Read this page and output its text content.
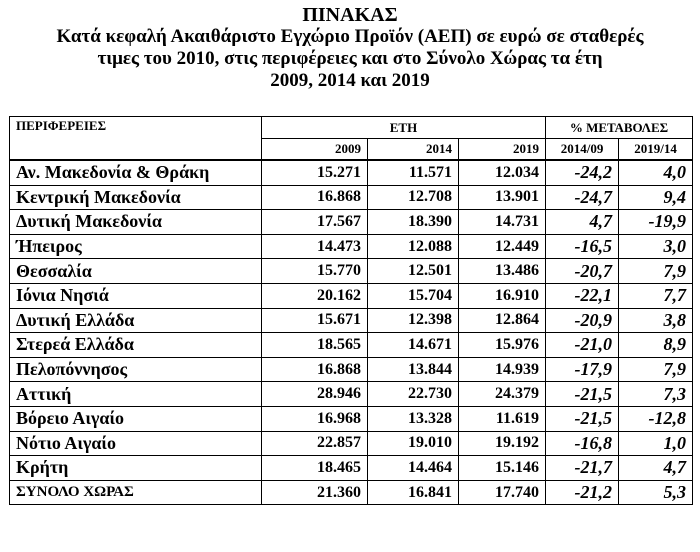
ΠΙΝΑΚΑΣ
Κατά κεφαλή Ακαιθάριστο Εγχώριο Προϊόν (ΑΕΠ) σε ευρώ σε σταθερές
τιμες του 2010, στις περιφέρειες και στο Σύνολο Χώρας τα έτη
2009, 2014 και 2019
ΠΕΡΙΦΕΡΕΙΕΣ	ΕΤΗ			% ΜΕΤΑΒΟΛΕΣ	
	2009	2014	2019	2014/09	2019/14
Αν. Μακεδονία & Θράκη	15.271	11.571	12.034	-24,2	4,0
Κεντρική Μακεδονία	16.868	12.708	13.901	-24,7	9,4
Δυτική Μακεδονία	17.567	18.390	14.731	4,7	-19,9
Ήπειρος	14.473	12.088	12.449	-16,5	3,0
Θεσσαλία	15.770	12.501	13.486	-20,7	7,9
Ιόνια Νησιά	20.162	15.704	16.910	-22,1	7,7
Δυτική Ελλάδα	15.671	12.398	12.864	-20,9	3,8
Στερεά Ελλάδα	18.565	14.671	15.976	-21,0	8,9
Πελοπόννησος	16.868	13.844	14.939	-17,9	7,9
Αττική	28.946	22.730	24.379	-21,5	7,3
Βόρειο Αιγαίο	16.968	13.328	11.619	-21,5	-12,8
Νότιο Αιγαίο	22.857	19.010	19.192	-16,8	1,0
Κρήτη	18.465	14.464	15.146	-21,7	4,7
ΣΥΝΟΛΟ ΧΩΡΑΣ	21.360	16.841	17.740	-21,2	5,3
